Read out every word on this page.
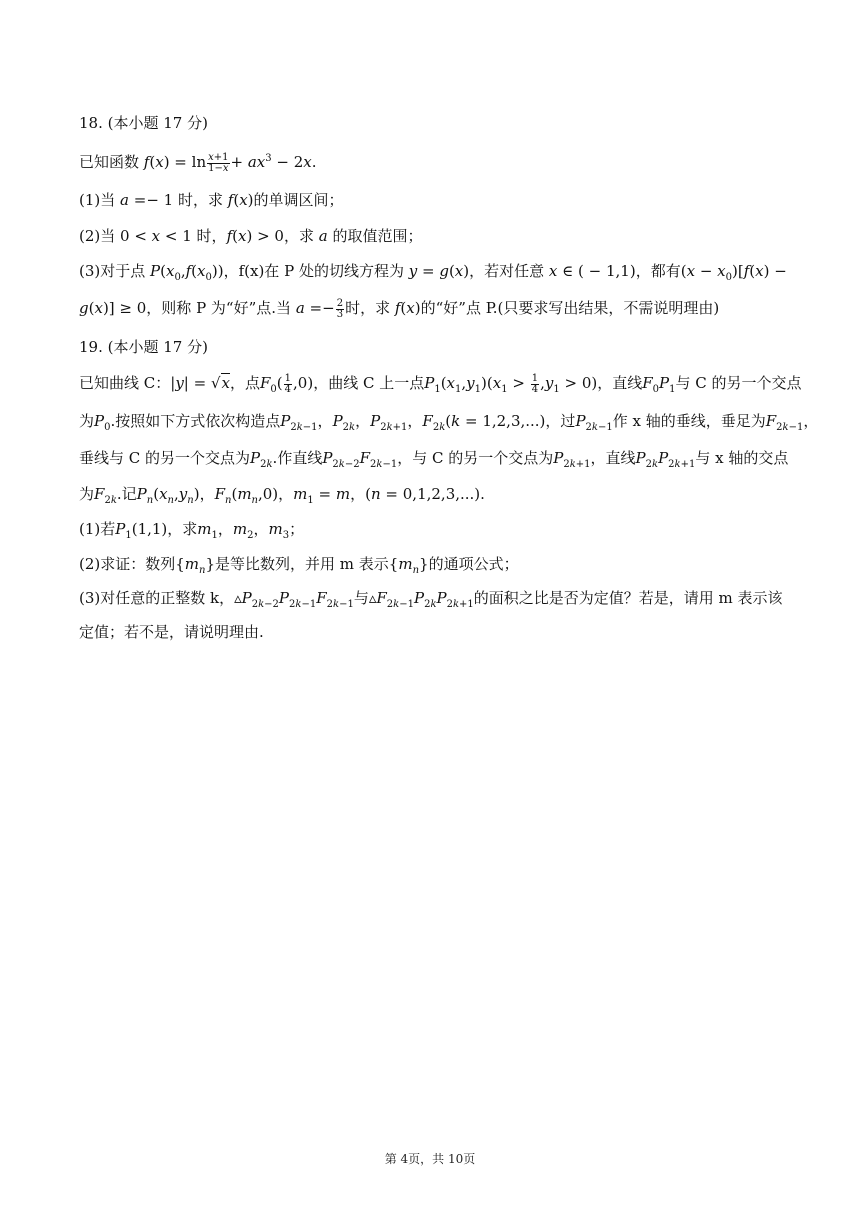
18. (本小题 17 分)
已知函数 $f(x) = \ln \frac{x+1}{1-x} + ax^3 - 2x$.
(1)当 a =− 1 时，求 f(x)的单调区间；
(2)当 0 < x < 1 时，f(x) > 0，求 a 的取值范围；
(3)对于点 $P(x_0,f(x_0))$，f(x)在 P 处的切线方程为 y = g(x)，若对任意 x ∈ ( − 1,1)，都有$(x - x_0)[f(x)$ −
g(x)] ≥ 0，则称 P 为“好”点.当 $a =- \frac{2}{3}$ 时，求 f(x)的“好”点 P.(只要求写出结果，不需说明理由)
19. (本小题 17 分)
已知曲线 C：|y| = √x，点$F_0( \frac{1}{4} ,0)$，曲线 C 上一点$P_1(x_1,y_1)(x_1 > \frac{1}{4} ,y_1 > 0)$，直线$F_0P_1$与 C 的另一个交点
为$P_0$.按照如下方式依次构造点$P_{2k-1}$，$P_{2k}$，$P_{2k+1}$，$F_{2k}(k = 1,2,3,...)$，过$P_{2k-1}$作 x 轴的垂线，垂足为$F_{2k-1}$，
垂线与 C 的另一个交点为$P_{2k}$.作直线$P_{2k-2}F_{2k-1}$，与 C 的另一个交点为$P_{2k+1}$，直线$P_{2k}P_{2k+1}$与 x 轴的交点
为$F_{2k}$.记$P_n(x_n,y_n)$，$F_n(m_n,0)$，$m_1 = m$，(n = 0,1,2,3,...).
(1)若$P_1(1,1)$，求$m_1$，$m_2$，$m_3$；
(2)求证：数列$\{m_n\}$是等比数列，并用 m 表示$\{m_n\}$的通项公式；
(3)对任意的正整数 k，$▵P_{2k-2}P_{2k-1}F_{2k-1}$与$▵F_{2k-1}P_{2k}P_{2k+1}$的面积之比是否为定值？若是，请用 m 表示该
定值；若不是，请说明理由.
第 4页，共 10页
